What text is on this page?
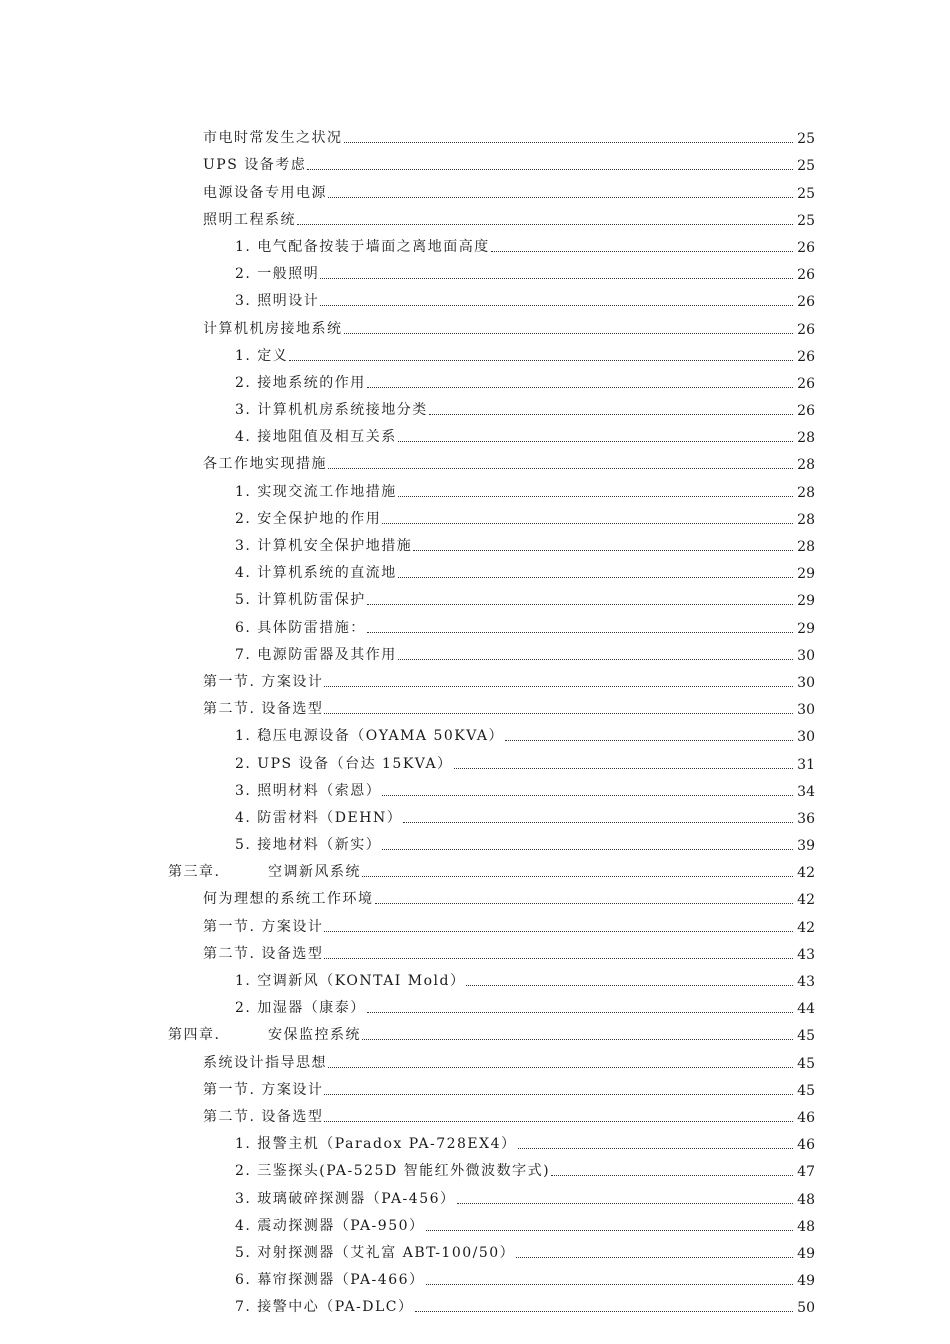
市电时常发生之状况	25
UPS 设备考虑	25
电源设备专用电源	25
照明工程系统	25
1. 电气配备按装于墙面之离地面高度	26
2. 一般照明	26
3. 照明设计	26
计算机机房接地系统	26
1. 定义	26
2. 接地系统的作用	26
3. 计算机机房系统接地分类	26
4. 接地阻值及相互关系	28
各工作地实现措施	28
1. 实现交流工作地措施	28
2. 安全保护地的作用	28
3. 计算机安全保护地措施	28
4. 计算机系统的直流地	29
5. 计算机防雷保护	29
6. 具体防雷措施：	29
7. 电源防雷器及其作用	30
第一节. 方案设计	30
第二节. 设备选型	30
1. 稳压电源设备（OYAMA 50KVA）	30
2. UPS 设备（台达 15KVA）	31
3. 照明材料（索恩）	34
4. 防雷材料（DEHN）	36
5. 接地材料（新实）	39
第三章.        空调新风系统	42
何为理想的系统工作环境	42
第一节. 方案设计	42
第二节. 设备选型	43
1. 空调新风（KONTAI Mold）	43
2. 加湿器（康泰）	44
第四章.        安保监控系统	45
系统设计指导思想	45
第一节. 方案设计	45
第二节. 设备选型	46
1. 报警主机（Paradox PA-728EX4）	46
2. 三鉴探头(PA-525D 智能红外微波数字式)	47
3. 玻璃破碎探测器（PA-456）	48
4. 震动探测器（PA-950）	48
5. 对射探测器（艾礼富 ABT-100/50）	49
6. 幕帘探测器（PA-466）	49
7. 接警中心（PA-DLC）	50
